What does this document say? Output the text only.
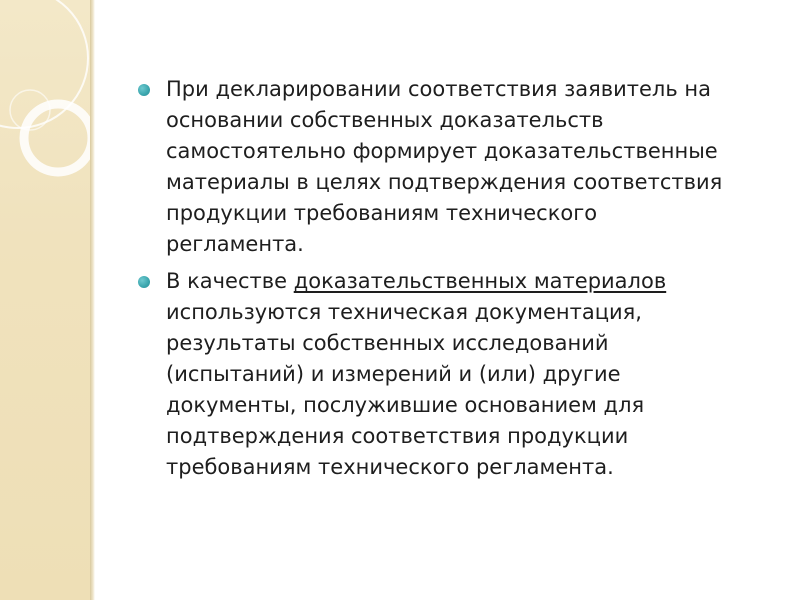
При декларировании соответствия заявитель на основании собственных доказательств самостоятельно формирует доказательственные материалы в целях подтверждения соответствия продукции требованиям технического регламента.
В качестве доказательственных материалов используются техническая документация, результаты собственных исследований (испытаний) и измерений и (или) другие документы, послужившие основанием для подтверждения соответствия продукции требованиям технического регламента.
